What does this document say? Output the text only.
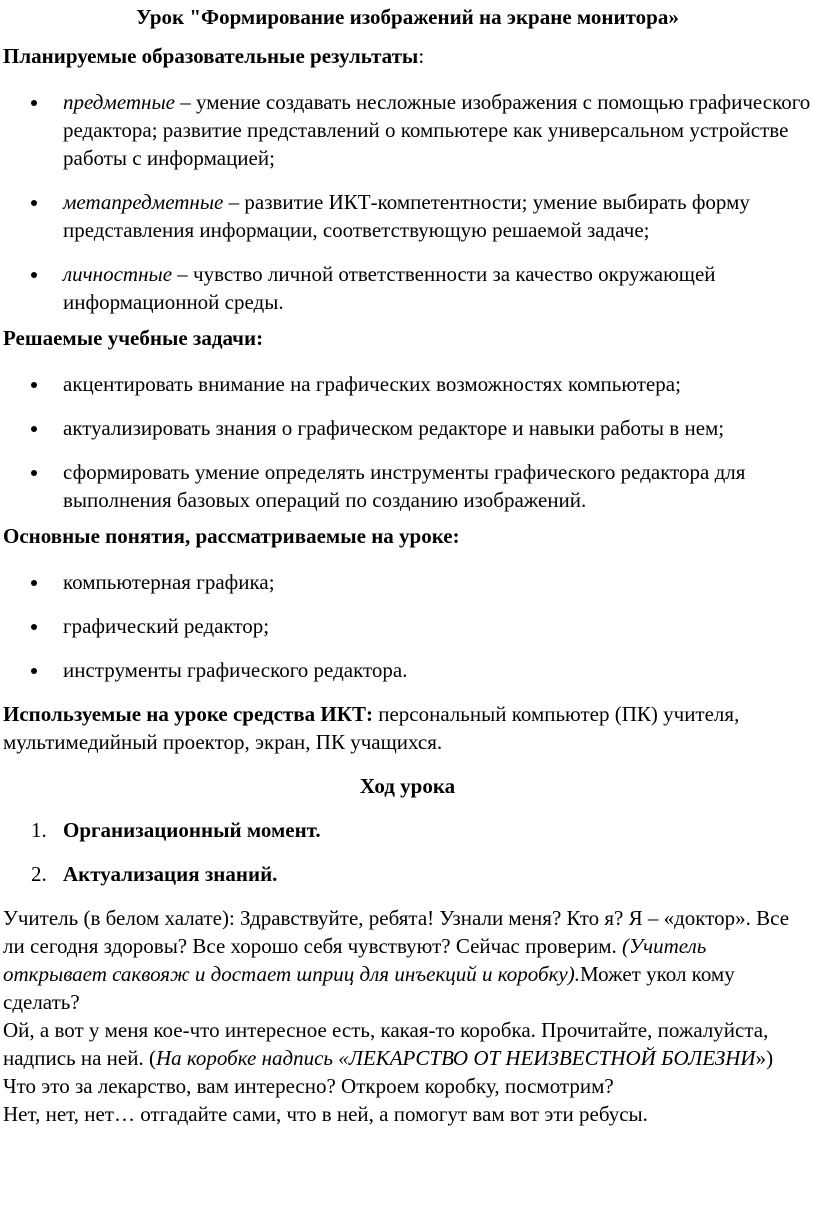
Урок "Формирование изображений на экране монитора»

Планируемые образовательные результаты:

предметные – умение создавать несложные изображения с помощью графического редактора; развитие представлений о компьютере как универсальном устройстве работы с информацией;
метапредметные – развитие ИКТ-компетентности; умение выбирать форму представления информации, соответствующую решаемой задаче;
личностные – чувство личной ответственности за качество окружающей информационной среды.

Решаемые учебные задачи:

акцентировать внимание на графических возможностях компьютера;
актуализировать знания о графическом редакторе и навыки работы в нем;
сформировать умение определять инструменты графического редактора для выполнения базовых операций по созданию изображений.

Основные понятия, рассматриваемые на уроке:

компьютерная графика;
графический редактор;
инструменты графического редактора.

Используемые на уроке средства ИКТ: персональный компьютер (ПК) учителя, мультимедийный проектор, экран, ПК учащихся.

Ход урока

1. Организационный момент.
2. Актуализация знаний.

Учитель (в белом халате): Здравствуйте, ребята! Узнали меня? Кто я? Я – «доктор». Все ли сегодня здоровы? Все хорошо себя чувствуют? Сейчас проверим. (Учитель открывает саквояж и достает шприц для инъекций и коробку).Может укол кому сделать?

Ой, а вот у меня кое-что интересное есть, какая-то коробка. Прочитайте, пожалуйста, надпись на ней. (На коробке надпись «ЛЕКАРСТВО ОТ НЕИЗВЕСТНОЙ БОЛЕЗНИ»)

Что это за лекарство, вам интересно? Откроем коробку, посмотрим?

Нет, нет, нет… отгадайте сами, что в ней, а помогут вам вот эти ребусы.
